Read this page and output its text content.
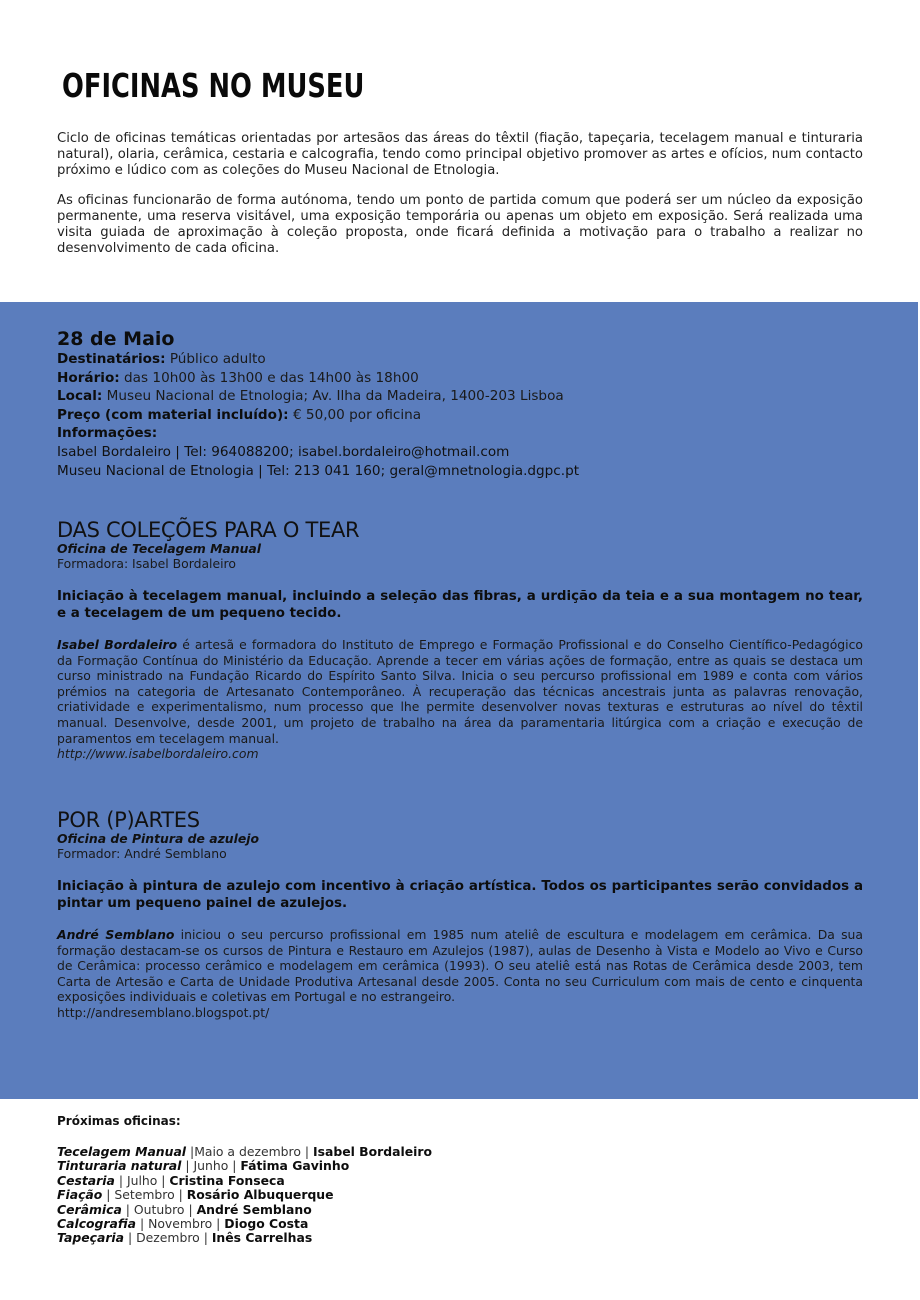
OFICINAS NO MUSEU

Ciclo de oficinas temáticas orientadas por artesãos das áreas do têxtil (fiação, tapeçaria, tecelagem manual e tinturaria natural), olaria, cerâmica, cestaria e calcografia, tendo como principal objetivo promover as artes e ofícios, num contacto próximo e lúdico com as coleções do Museu Nacional de Etnologia.

As oficinas funcionarão de forma autónoma, tendo um ponto de partida comum que poderá ser um núcleo da exposição permanente, uma reserva visitável, uma exposição temporária ou apenas um objeto em exposição. Será realizada uma visita guiada de aproximação à coleção proposta, onde ficará definida a motivação para o trabalho a realizar no desenvolvimento de cada oficina.

28 de Maio
Destinatários: Público adulto
Horário: das 10h00 às 13h00 e das 14h00 às 18h00
Local: Museu Nacional de Etnologia; Av. Ilha da Madeira, 1400-203 Lisboa
Preço (com material incluído): € 50,00 por oficina
Informações:
Isabel Bordaleiro | Tel: 964088200; isabel.bordaleiro@hotmail.com
Museu Nacional de Etnologia | Tel: 213 041 160; geral@mnetnologia.dgpc.pt
DAS COLEÇÕES PARA O TEAR
Oficina de Tecelagem Manual
Formadora: Isabel Bordaleiro
Iniciação à tecelagem manual, incluindo a seleção das fibras, a urdição da teia e a sua montagem no tear, e a tecelagem de um pequeno tecido.
Isabel Bordaleiro é artesã e formadora do Instituto de Emprego e Formação Profissional e do Conselho Científico-Pedagógico da Formação Contínua do Ministério da Educação. Aprende a tecer em várias ações de formação, entre as quais se destaca um curso ministrado na Fundação Ricardo do Espírito Santo Silva. Inicia o seu percurso profissional em 1989 e conta com vários prémios na categoria de Artesanato Contemporâneo. À recuperação das técnicas ancestrais junta as palavras renovação, criatividade e experimentalismo, num processo que lhe permite desenvolver novas texturas e estruturas ao nível do têxtil manual. Desenvolve, desde 2001, um projeto de trabalho na área da paramentaria litúrgica com a criação e execução de paramentos em tecelagem manual.
http://www.isabelbordaleiro.com
POR (P)ARTES
Oficina de Pintura de azulejo
Formador: André Semblano
Iniciação à pintura de azulejo com incentivo à criação artística. Todos os participantes serão convidados a pintar um pequeno painel de azulejos.
André Semblano iniciou o seu percurso profissional em 1985 num ateliê de escultura e modelagem em cerâmica. Da sua formação destacam-se os cursos de Pintura e Restauro em Azulejos (1987), aulas de Desenho à Vista e Modelo ao Vivo e Curso de Cerâmica: processo cerâmico e modelagem em cerâmica (1993). O seu ateliê está nas Rotas de Cerâmica desde 2003, tem Carta de Artesão e Carta de Unidade Produtiva Artesanal desde 2005. Conta no seu Curriculum com mais de cento e cinquenta exposições individuais e coletivas em Portugal e no estrangeiro.
http://andresemblano.blogspot.pt/
Próximas oficinas:
Tecelagem Manual |Maio a dezembro | Isabel Bordaleiro
Tinturaria natural | Junho | Fátima Gavinho
Cestaria | Julho | Cristina Fonseca
Fiação | Setembro | Rosário Albuquerque
Cerâmica | Outubro | André Semblano
Calcografia | Novembro | Diogo Costa
Tapeçaria | Dezembro | Inês Carrelhas
